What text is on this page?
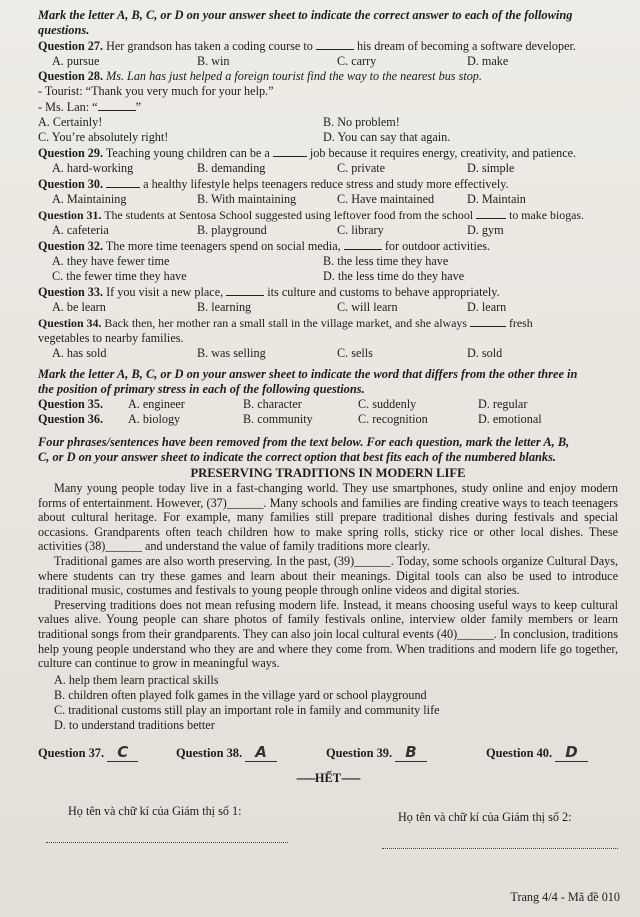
Mark the letter A, B, C, or D on your answer sheet to indicate the correct answer to each of the following questions.
Question 27. Her grandson has taken a coding course to	his dream of becoming a software developer.
A. pursue	B. win	C. carry	D. make
Question 28. Ms. Lan has just helped a foreign tourist find the way to the nearest bus stop.
- Tourist: “Thank you very much for your help.”
- Ms. Lan: “	”
A. Certainly!	B. No problem!
C. You’re absolutely right!	D. You can say that again.
Question 29. Teaching young children can be a	job because it requires energy, creativity, and patience.
A. hard-working	B. demanding	C. private	D. simple
Question 30.	a healthy lifestyle helps teenagers reduce stress and study more effectively.
A. Maintaining	B. With maintaining	C. Have maintained	D. Maintain
Question 31. The students at Sentosa School suggested using leftover food from the school	to make biogas.
A. cafeteria	B. playground	C. library	D. gym
Question 32. The more time teenagers spend on social media,	for outdoor activities.
A. they have fewer time	B. the less time they have
C. the fewer time they have	D. the less time do they have
Question 33. If you visit a new place,	its culture and customs to behave appropriately.
A. be learn	B. learning	C. will learn	D. learn
Question 34. Back then, her mother ran a small stall in the village market, and she always	fresh
vegetables to nearby families.
A. has sold	B. was selling	C. sells	D. sold
Mark the letter A, B, C, or D on your answer sheet to indicate the word that differs from the other three in
the position of primary stress in each of the following questions.
Question 35.	A. engineer	B. character	C. suddenly	D. regular
Question 36.	A. biology	B. community	C. recognition	D. emotional
Four phrases/sentences have been removed from the text below. For each question, mark the letter A, B,
C, or D on your answer sheet to indicate the correct option that best fits each of the numbered blanks.
PRESERVING TRADITIONS IN MODERN LIFE
Many young people today live in a fast-changing world. They use smartphones, study online and enjoy modern forms of entertainment. However, (37)______. Many schools and families are finding creative ways to teach teenagers about cultural heritage. For example, many families still prepare traditional dishes during festivals and special occasions. Grandparents often teach children how to make spring rolls, sticky rice or other local dishes. These activities (38)______ and understand the value of family traditions more clearly.
Traditional games are also worth preserving. In the past, (39)______. Today, some schools organize Cultural Days, where students can try these games and learn about their meanings. Digital tools can also be used to introduce traditional music, costumes and festivals to young people through online videos and digital stories.
Preserving traditions does not mean refusing modern life. Instead, it means choosing useful ways to keep cultural values alive. Young people can share photos of family festivals online, interview older family members or learn traditional songs from their grandparents. They can also join local cultural events (40)______. In conclusion, traditions help young people understand who they are and where they come from. When traditions and modern life go together, culture can continue to grow in meaningful ways.
A. help them learn practical skills
B. children often played folk games in the village yard or school playground
C. traditional customs still play an important role in family and community life
D. to understand traditions better
Question 37. C	Question 38. A	Question 39. B	Question 40. D
------HẾT------
Họ tên và chữ kí của Giám thị số 1:	Họ tên và chữ kí của Giám thị số 2:
Trang 4/4 - Mã đề 010
